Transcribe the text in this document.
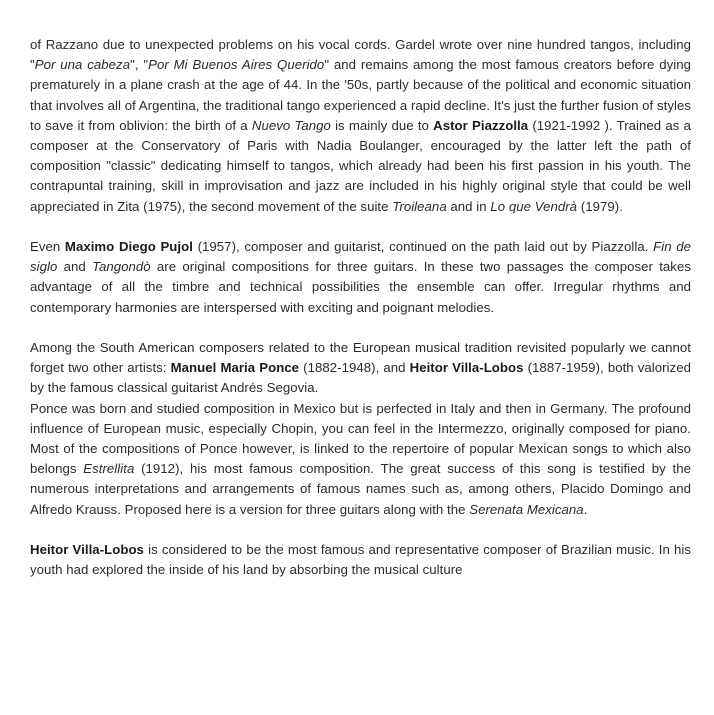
of Razzano due to unexpected problems on his vocal cords. Gardel wrote over nine hundred tangos, including "Por una cabeza", "Por Mi Buenos Aires Querido" and remains among the most famous creators before dying prematurely in a plane crash at the age of 44. In the '50s, partly because of the political and economic situation that involves all of Argentina, the traditional tango experienced a rapid decline. It's just the further fusion of styles to save it from oblivion: the birth of a Nuevo Tango is mainly due to Astor Piazzolla (1921-1992 ). Trained as a composer at the Conservatory of Paris with Nadia Boulanger, encouraged by the latter left the path of composition "classic" dedicating himself to tangos, which already had been his first passion in his youth. The contrapuntal training, skill in improvisation and jazz are included in his highly original style that could be well appreciated in Zita (1975), the second movement of the suite Troileana and in Lo que Vendrà (1979).

Even Maximo Diego Pujol (1957), composer and guitarist, continued on the path laid out by Piazzolla. Fin de siglo and Tangondò are original compositions for three guitars. In these two passages the composer takes advantage of all the timbre and technical possibilities the ensemble can offer. Irregular rhythms and contemporary harmonies are interspersed with exciting and poignant melodies.

Among the South American composers related to the European musical tradition revisited popularly we cannot forget two other artists: Manuel Maria Ponce (1882-1948), and Heitor Villa-Lobos (1887-1959), both valorized by the famous classical guitarist Andrés Segovia.

Ponce was born and studied composition in Mexico but is perfected in Italy and then in Germany. The profound influence of European music, especially Chopin, you can feel in the Intermezzo, originally composed for piano. Most of the compositions of Ponce however, is linked to the repertoire of popular Mexican songs to which also belongs Estrellita (1912), his most famous composition. The great success of this song is testified by the numerous interpretations and arrangements of famous names such as, among others, Placido Domingo and Alfredo Krauss. Proposed here is a version for three guitars along with the Serenata Mexicana.

Heitor Villa-Lobos is considered to be the most famous and representative composer of Brazilian music. In his youth had explored the inside of his land by absorbing the musical culture
